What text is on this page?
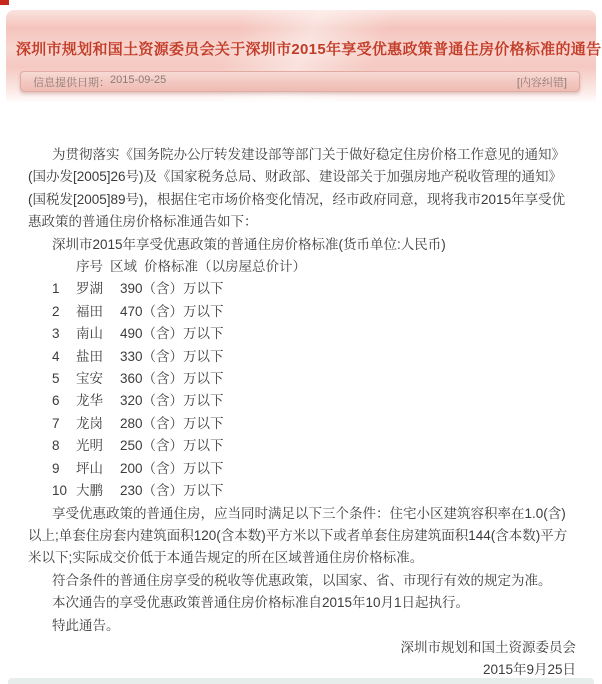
深圳市规划和国土资源委员会关于深圳市2015年享受优惠政策普通住房价格标准的通告
信息提供日期： 2015-09-25	[内容纠错]

为贯彻落实《国务院办公厅转发建设部等部门关于做好稳定住房价格工作意见的通知》(国办发[2005]26号)及《国家税务总局、财政部、建设部关于加强房地产税收管理的通知》(国税发[2005]89号)，根据住宅市场价格变化情况，经市政府同意，现将我市2015年享受优惠政策的普通住房价格标准通告如下：

深圳市2015年享受优惠政策的普通住房价格标准(货币单位:人民币)

序号 区域 价格标准（以房屋总价计）

1	罗湖	390（含）万以下
2	福田	470（含）万以下
3	南山	490（含）万以下
4	盐田	330（含）万以下
5	宝安	360（含）万以下
6	龙华	320（含）万以下
7	龙岗	280（含）万以下
8	光明	250（含）万以下
9	坪山	200（含）万以下
10 大鹏	230（含）万以下

享受优惠政策的普通住房，应当同时满足以下三个条件：住宅小区建筑容积率在1.0(含)以上;单套住房套内建筑面积120(含本数)平方米以下或者单套住房建筑面积144(含本数)平方米以下;实际成交价低于本通告规定的所在区域普通住房价格标准。

符合条件的普通住房享受的税收等优惠政策，以国家、省、市现行有效的规定为准。

本次通告的享受优惠政策普通住房价格标准自2015年10月1日起执行。

特此通告。

深圳市规划和国土资源委员会

2015年9月25日
